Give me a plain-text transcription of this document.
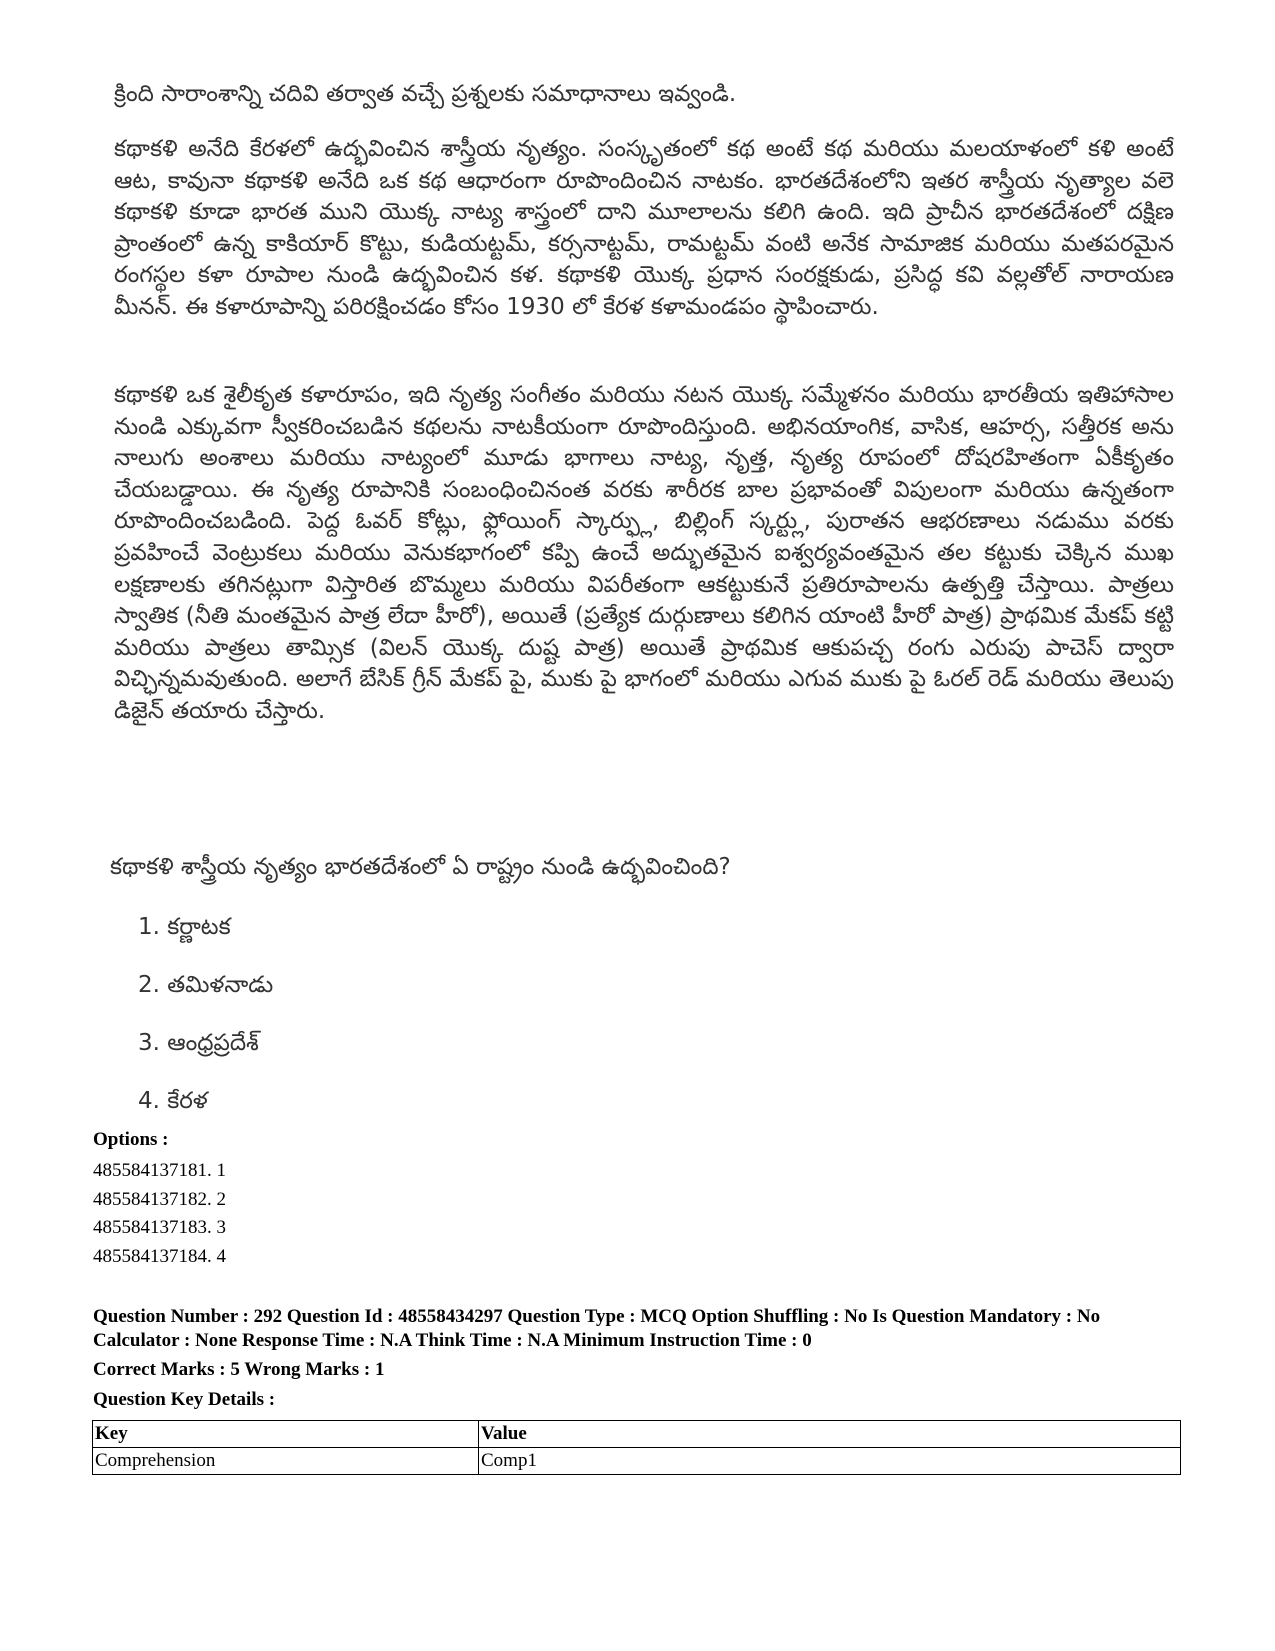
క్రింది సారాంశాన్ని చదివి తర్వాత వచ్చే ప్రశ్నలకు సమాధానాలు ఇవ్వండి.

కథాకళి అనేది కేరళలో ఉద్భవించిన శాస్త్రీయ నృత్యం. సంస్కృతంలో కథ అంటే కథ మరియు మలయాళంలో కళి అంటే ఆట, కావునా కథాకళి అనేది ఒక కథ ఆధారంగా రూపొందించిన నాటకం. భారతదేశంలోని ఇతర శాస్త్రీయ నృత్యాల వలె కథాకళి కూడా భారత ముని యొక్క నాట్య శాస్త్రంలో దాని మూలాలను కలిగి ఉంది. ఇది ప్రాచీన భారతదేశంలో దక్షిణ ప్రాంతంలో ఉన్న కాకియార్ కొట్టు, కుడియట్టమ్, కర్సనాట్టమ్, రామట్టమ్ వంటి అనేక సామాజిక మరియు మతపరమైన రంగస్థల కళా రూపాల నుండి ఉద్భవించిన కళ. కథాకళి యొక్క ప్రధాన సంరక్షకుడు, ప్రసిద్ధ కవి వల్లతోల్ నారాయణ మీనన్. ఈ కళారూపాన్ని పరిరక్షించడం కోసం 1930 లో కేరళ కళామండపం స్థాపించారు.

కథాకళి ఒక శైలీకృత కళారూపం, ఇది నృత్య సంగీతం మరియు నటన యొక్క సమ్మేళనం మరియు భారతీయ ఇతిహాసాల నుండి ఎక్కువగా స్వీకరించబడిన కథలను నాటకీయంగా రూపొందిస్తుంది. అభినయాంగిక, వాసిక, ఆహర్స, సత్తీరక అను నాలుగు అంశాలు మరియు నాట్యంలో మూడు భాగాలు నాట్య, నృత్త, నృత్య రూపంలో దోషరహితంగా ఏకీకృతం చేయబడ్డాయి. ఈ నృత్య రూపానికి సంబంధించినంత వరకు శారీరక బాల ప్రభావంతో విపులంగా మరియు ఉన్నతంగా రూపొందించబడింది. పెద్ద ఓవర్ కోట్లు, ఫ్లోయింగ్ స్కార్ఫ్లు, బిల్లింగ్ స్కర్ట్లు, పురాతన ఆభరణాలు నడుము వరకు ప్రవహించే వెంట్రుకలు మరియు వెనుకభాగంలో కప్పి ఉంచే అద్భుతమైన ఐశ్వర్యవంతమైన తల కట్టుకు చెక్కిన ముఖ లక్షణాలకు తగినట్లుగా విస్తారిత బొమ్మలు మరియు విపరీతంగా ఆకట్టుకునే ప్రతిరూపాలను ఉత్పత్తి చేస్తాయి. పాత్రలు స్వాతిక (నీతి మంతమైన పాత్ర లేదా హీరో), అయితే (ప్రత్యేక దుర్గుణాలు కలిగిన యాంటి హీరో పాత్ర) ప్రాథమిక మేకప్ కట్టి మరియు పాత్రలు తామ్సిక (విలన్ యొక్క దుష్ట పాత్ర) అయితే ప్రాథమిక ఆకుపచ్చ రంగు ఎరుపు పాచెస్ ద్వారా విచ్ఛిన్నమవుతుంది. అలాగే బేసిక్ గ్రీన్ మేకప్ పై, ముకు పై భాగంలో మరియు ఎగువ ముకు పై ఓరల్ రెడ్ మరియు తెలుపు డిజైన్ తయారు చేస్తారు.

కథాకళి శాస్త్రీయ నృత్యం భారతదేశంలో ఏ రాష్ట్రం నుండి ఉద్భవించింది?

1. కర్ణాటక
2. తమిళనాడు
3. ఆంధ్రప్రదేశ్
4. కేరళ

Options :

485584137181. 1
485584137182. 2
485584137183. 3
485584137184. 4

Question Number : 292 Question Id : 48558434297 Question Type : MCQ Option Shuffling : No Is Question Mandatory : No Calculator : None Response Time : N.A Think Time : N.A Minimum Instruction Time : 0

Correct Marks : 5 Wrong Marks : 1

Question Key Details :

Key	Value
Comprehension	Comp1
